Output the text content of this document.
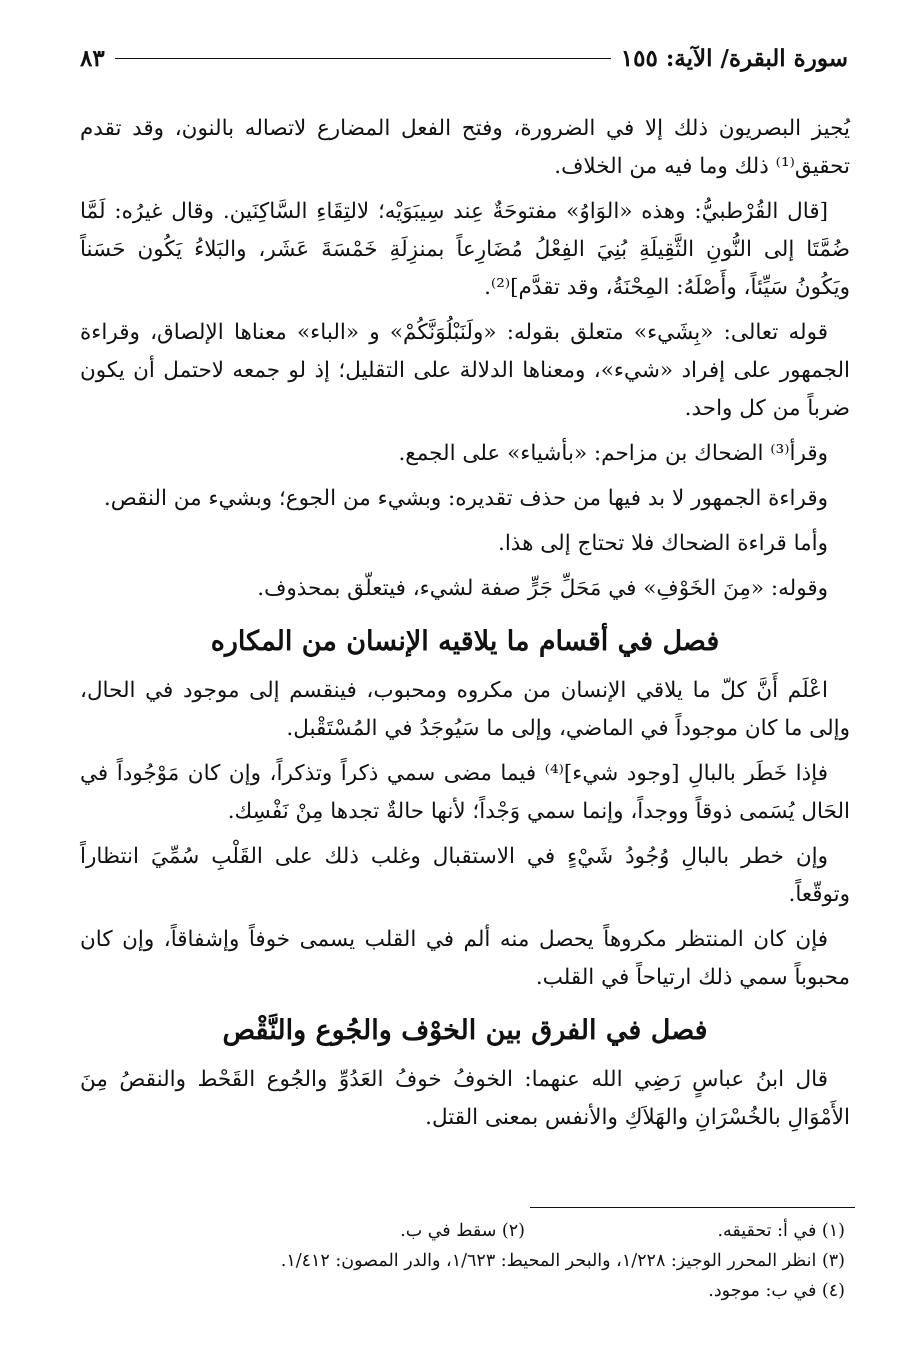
سورة البقرة/ الآية: ١٥٥
٨٣

يُجيز البصريون ذلك إلا في الضرورة، وفتح الفعل المضارع لاتصاله بالنون، وقد تقدم تحقيق⁽¹⁾ ذلك وما فيه من الخلاف.

[قال القُرْطبيُّ: وهذه «الوَاوُ» مفتوحَةٌ عِند سِيبَوَيْه؛ لالتِقَاءِ السَّاكِنَين. وقال غيرُه: لَمَّا ضُمَّتَا إلى النُّونِ الثَّقِيلَةِ بُنِيَ الفِعْلُ مُضَارِعاً بمنزِلَةِ خَمْسَةَ عَشَر، والبَلاءُ يَكُون حَسَناً ويَكُونُ سَيِّئاً، وأَصْلَهُ: المِحْنَةُ، وقد تقدَّم]⁽²⁾.

قوله تعالى: «بِشَيء» متعلق بقوله: «ولَنَبْلُوَنَّكُمْ» و «الباء» معناها الإلصاق، وقراءة الجمهور على إفراد «شيء»، ومعناها الدلالة على التقليل؛ إذ لو جمعه لاحتمل أن يكون ضرباً من كل واحد.

وقرأ⁽³⁾ الضحاك بن مزاحم: «بأشياء» على الجمع.

وقراءة الجمهور لا بد فيها من حذف تقديره: وبشيء من الجوع؛ وبشيء من النقص.

وأما قراءة الضحاك فلا تحتاج إلى هذا.

وقوله: «مِنَ الخَوْفِ» في مَحَلِّ جَرٍّ صفة لشيء، فيتعلّق بمحذوف.

فصل في أقسام ما يلاقيه الإنسان من المكاره

اعْلَم أَنَّ كلّ ما يلاقي الإنسان من مكروه ومحبوب، فينقسم إلى موجود في الحال، وإلى ما كان موجوداً في الماضي، وإلى ما سَيُوجَدُ في المُسْتَقْبل.

فإذا خَطَر بالبالِ [وجود شيء]⁽⁴⁾ فيما مضى سمي ذكراً وتذكراً، وإن كان مَوْجُوداً في الحَال يُسَمى ذوقاً ووجداً، وإنما سمي وَجْداً؛ لأنها حالةٌ تجدها مِنْ نَفْسِك.

وإن خطر بالبالِ وُجُودُ شَيْءٍ في الاستقبال وغلب ذلك على القَلْبِ سُمِّيَ انتظاراً وتوقّعاً.

فإن كان المنتظر مكروهاً يحصل منه ألم في القلب يسمى خوفاً وإشفاقاً، وإن كان محبوباً سمي ذلك ارتياحاً في القلب.

فصل في الفرق بين الخوْف والجُوع والنَّقْص

قال ابنُ عباسٍ رَضِي الله عنهما: الخوفُ خوفُ العَدُوِّ والجُوع القَحْط والنقصُ مِنَ الأَمْوَالِ بالخُسْرَانِ والهَلاَكِ والأنفس بمعنى القتل.

(١) في أ: تحقيقه.
(٢) سقط في ب.
(٣) انظر المحرر الوجيز: ١/٢٢٨، والبحر المحيط: ١/٦٢٣، والدر المصون: ١/٤١٢.
(٤) في ب: موجود.
